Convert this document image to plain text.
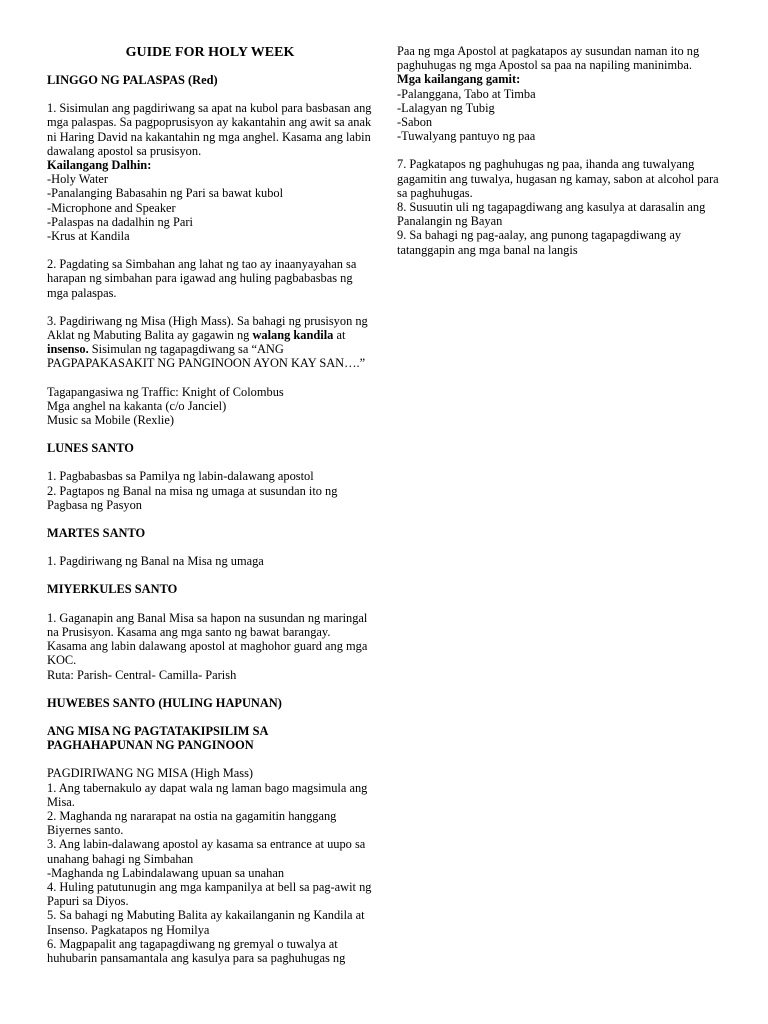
GUIDE FOR HOLY WEEK
LINGGO NG PALASPAS (Red)
1. Sisimulan ang pagdiriwang sa apat na kubol para basbasan ang mga palaspas. Sa pagpoprusisyon ay kakantahin ang awit sa anak ni Haring David na kakantahin ng mga anghel. Kasama ang labin dawalang apostol sa prusisyon.
Kailangang Dalhin:
-Holy Water
-Panalanging Babasahin ng Pari sa bawat kubol
-Microphone and Speaker
-Palaspas na dadalhin ng Pari
-Krus at Kandila
2. Pagdating sa Simbahan ang lahat ng tao ay inaanyayahan sa harapan ng simbahan para igawad ang huling pagbabasbas ng mga palaspas.
3. Pagdiriwang ng Misa (High Mass). Sa bahagi ng prusisyon ng Aklat ng Mabuting Balita ay gagawin ng walang kandila at insenso. Sisimulan ng tagapagdiwang sa “ANG PAGPAPAKASAKIT NG PANGINOON AYON KAY SAN….”
Tagapangasiwa ng Traffic: Knight of Colombus
Mga anghel na kakanta (c/o Janciel)
Music sa Mobile (Rexlie)
LUNES SANTO
1. Pagbabasbas sa Pamilya ng labin-dalawang apostol
2. Pagtapos ng Banal na misa ng umaga at susundan ito ng Pagbasa ng Pasyon
MARTES SANTO
1. Pagdiriwang ng Banal na Misa ng umaga
MIYERKULES SANTO
1. Gaganapin ang Banal Misa sa hapon na susundan ng maringal na Prusisyon. Kasama ang mga santo ng bawat barangay. Kasama ang labin dalawang apostol at maghohor guard ang mga KOC.
Ruta: Parish- Central- Camilla- Parish
HUWEBES SANTO (HULING HAPUNAN)
ANG MISA NG PAGTATAKIPSILIM SA PAGHAHAPUNAN NG PANGINOON
PAGDIRIWANG NG MISA (High Mass)
1. Ang tabernakulo ay dapat wala ng laman bago magsimula ang Misa.
2. Maghanda ng nararapat na ostia na gagamitin hanggang Biyernes santo.
3. Ang labin-dalawang apostol ay kasama sa entrance at uupo sa unahang bahagi ng Simbahan
-Maghanda ng Labindalawang upuan sa unahan
4. Huling patutunugin ang mga kampanilya at bell sa pag-awit ng Papuri sa Diyos.
5. Sa bahagi ng Mabuting Balita ay kakailanganin ng Kandila at Insenso. Pagkatapos ng Homilya
6. Magpapalit ang tagapagdiwang ng gremyal o tuwalya at huhubarin pansamantala ang kasulya para sa paghuhugas ng
Paa ng mga Apostol at pagkatapos ay susundan naman ito ng paghuhugas ng mga Apostol sa paa na napiling maninimba.
Mga kailangang gamit:
-Palanggana, Tabo at Timba
-Lalagyan ng Tubig
-Sabon
-Tuwalyang pantuyo ng paa
7. Pagkatapos ng paghuhugas ng paa, ihanda ang tuwalyang gagamitin ang tuwalya, hugasan ng kamay, sabon at alcohol para sa paghuhugas.
8. Susuutin uli ng tagapagdiwang ang kasulya at darasalin ang Panalangin ng Bayan
9. Sa bahagi ng pag-aalay, ang punong tagapagdiwang ay tatanggapin ang mga banal na langis
